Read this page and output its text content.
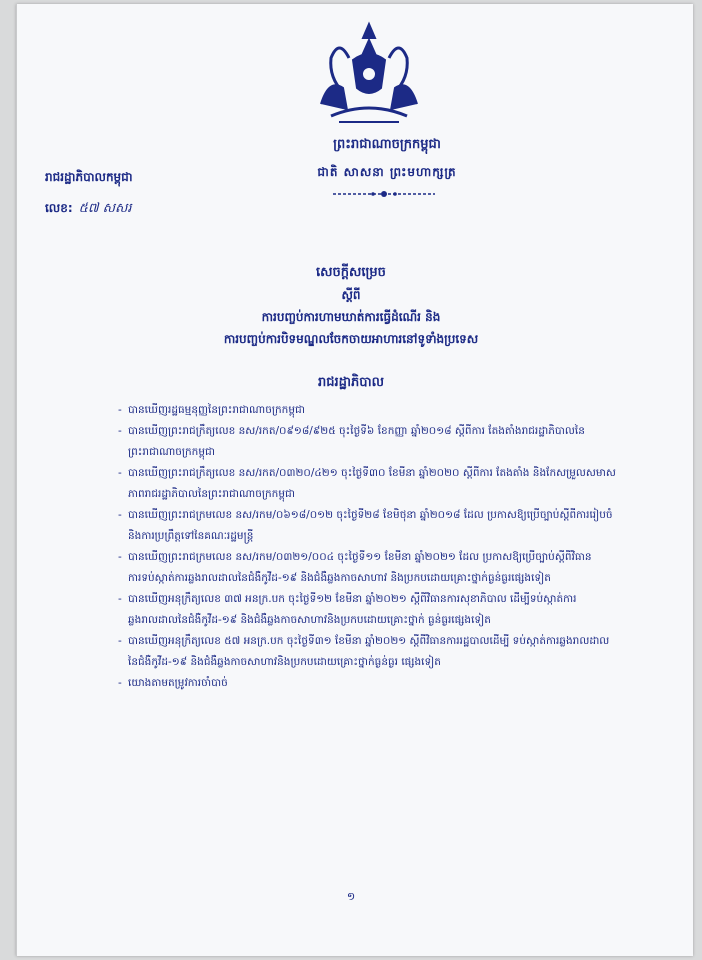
ព្រះរាជាណាចក្រកម្ពុជា
ជាតិ សាសនា ព្រះមហាក្សត្រ
រាជរដ្ឋាភិបាលកម្ពុជា
លេខ: ៥៧ សសរ
សេចក្តីសម្រេច
ស្តីពី
ការបញ្ចប់ការហាមឃាត់ការធ្វើដំណើរ និង
ការបញ្ចប់ការបិទមណ្ឌលចែកចាយអាហារនៅទូទាំងប្រទេស
រាជរដ្ឋាភិបាល
- បានឃើញរដ្ឋធម្មនុញ្ញនៃព្រះរាជាណាចក្រកម្ពុជា
- បានឃើញព្រះរាជក្រឹត្យលេខ នស/រកត/០៩១៨/៩២៥ ចុះថ្ងៃទី៦ ខែកញ្ញា ឆ្នាំ២០១៨ ស្តីពីការ តែងតាំងរាជរដ្ឋាភិបាលនៃព្រះរាជាណាចក្រកម្ពុជា
- បានឃើញព្រះរាជក្រឹត្យលេខ នស/រកត/០៣២០/៤២១ ចុះថ្ងៃទី៣០ ខែមីនា ឆ្នាំ២០២០ ស្តីពីការ តែងតាំង និងកែសម្រួលសមាសភាពរាជរដ្ឋាភិបាលនៃព្រះរាជាណាចក្រកម្ពុជា
- បានឃើញព្រះរាជក្រមលេខ នស/រកម/០៦១៨/០១២ ចុះថ្ងៃទី២៨ ខែមិថុនា ឆ្នាំ២០១៨ ដែល ប្រកាសឱ្យប្រើច្បាប់ស្តីពីការរៀបចំ និងការប្រព្រឹត្តទៅនៃគណៈរដ្ឋមន្ត្រី
- បានឃើញព្រះរាជក្រមលេខ នស/រកម/០៣២១/០០៤ ចុះថ្ងៃទី១១ ខែមីនា ឆ្នាំ២០២១ ដែល ប្រកាសឱ្យប្រើច្បាប់ស្តីពីវិធានការទប់ស្កាត់ការឆ្លងរាលដាលនៃជំងឺកូវីដ-១៩ និងជំងឺឆ្លងកាចសាហាវ និងប្រកបដោយគ្រោះថ្នាក់ធ្ងន់ធ្ងរផ្សេងទៀត
- បានឃើញអនុក្រឹត្យលេខ ៣៧ អនក្រ.បក ចុះថ្ងៃទី១២ ខែមីនា ឆ្នាំ២០២១ ស្តីពីវិធានការសុខាភិបាល ដើម្បីទប់ស្កាត់ការឆ្លងរាលដាលនៃជំងឺកូវីដ-១៩ និងជំងឺឆ្លងកាចសាហាវនិងប្រកបដោយគ្រោះថ្នាក់ ធ្ងន់ធ្ងរផ្សេងទៀត
- បានឃើញអនុក្រឹត្យលេខ ៥៧ អនក្រ.បក ចុះថ្ងៃទី៣១ ខែមីនា ឆ្នាំ២០២១ ស្តីពីវិធានការរដ្ឋបាលដើម្បី ទប់ស្កាត់ការឆ្លងរាលដាលនៃជំងឺកូវីដ-១៩ និងជំងឺឆ្លងកាចសាហាវនិងប្រកបដោយគ្រោះថ្នាក់ធ្ងន់ធ្ងរ ផ្សេងទៀត
- យោងតាមតម្រូវការចាំបាច់
១
